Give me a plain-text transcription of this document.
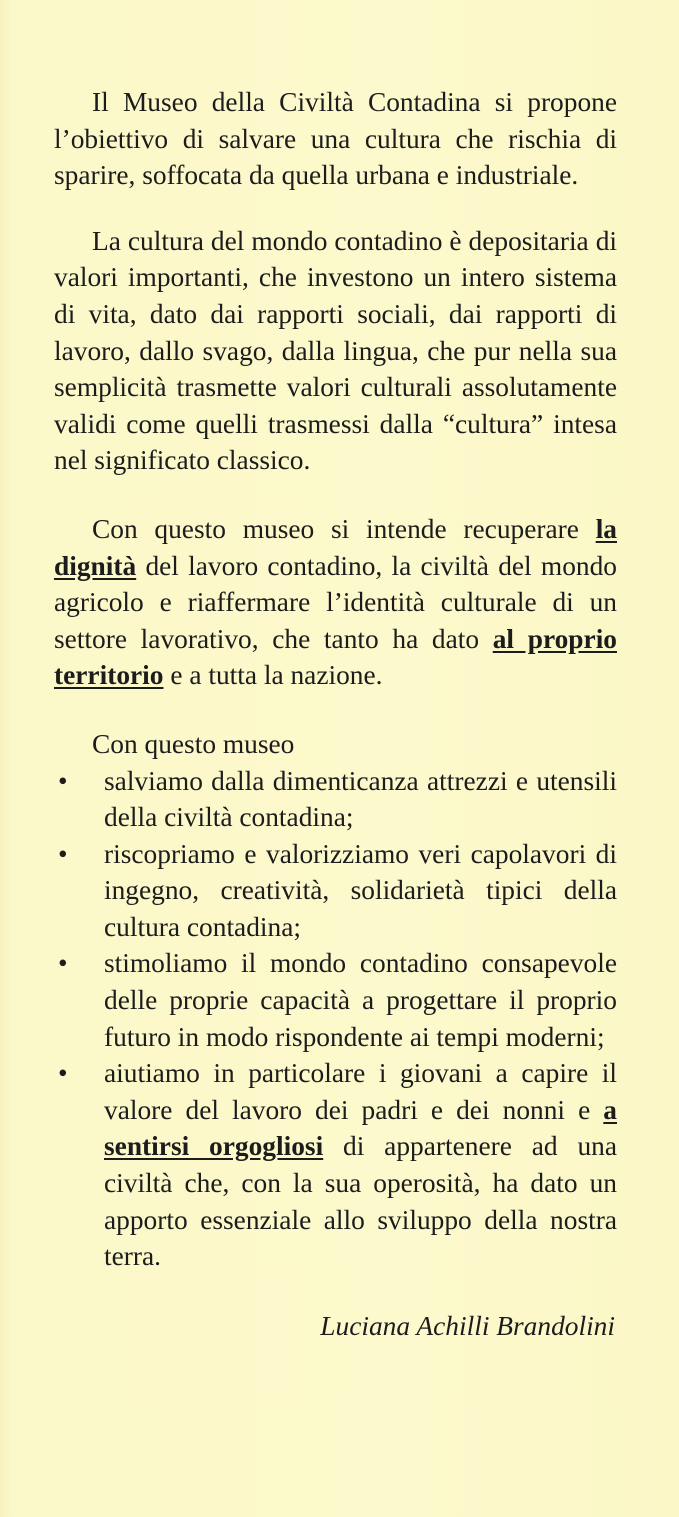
Il Museo della Civiltà Contadina si propone l’obiettivo di salvare una cultura che rischia di sparire, soffocata da quella urbana e industriale.

La cultura del mondo contadino è depositaria di valori importanti, che investono un intero sistema di vita, dato dai rapporti sociali, dai rapporti di lavoro, dallo svago, dalla lingua, che pur nella sua semplicità trasmette valori culturali assolutamente validi come quelli trasmessi dalla “cultura” intesa nel significato classico.

Con questo museo si intende recuperare la dignità del lavoro contadino, la civiltà del mondo agricolo e riaffermare l’identità culturale di un settore lavorativo, che tanto ha dato al proprio territorio e a tutta la nazione.

Con questo museo
• salviamo dalla dimenticanza attrezzi e utensili della civiltà contadina;
• riscopriamo e valorizziamo veri capolavori di ingegno, creatività, solidarietà tipici della cultura contadina;
• stimoliamo il mondo contadino consapevole delle proprie capacità a progettare il proprio futuro in modo rispondente ai tempi moderni;
• aiutiamo in particolare i giovani a capire il valore del lavoro dei padri e dei nonni e a sentirsi orgogliosi di appartenere ad una civiltà che, con la sua operosità, ha dato un apporto essenziale allo sviluppo della nostra terra.
Luciana Achilli Brandolini
